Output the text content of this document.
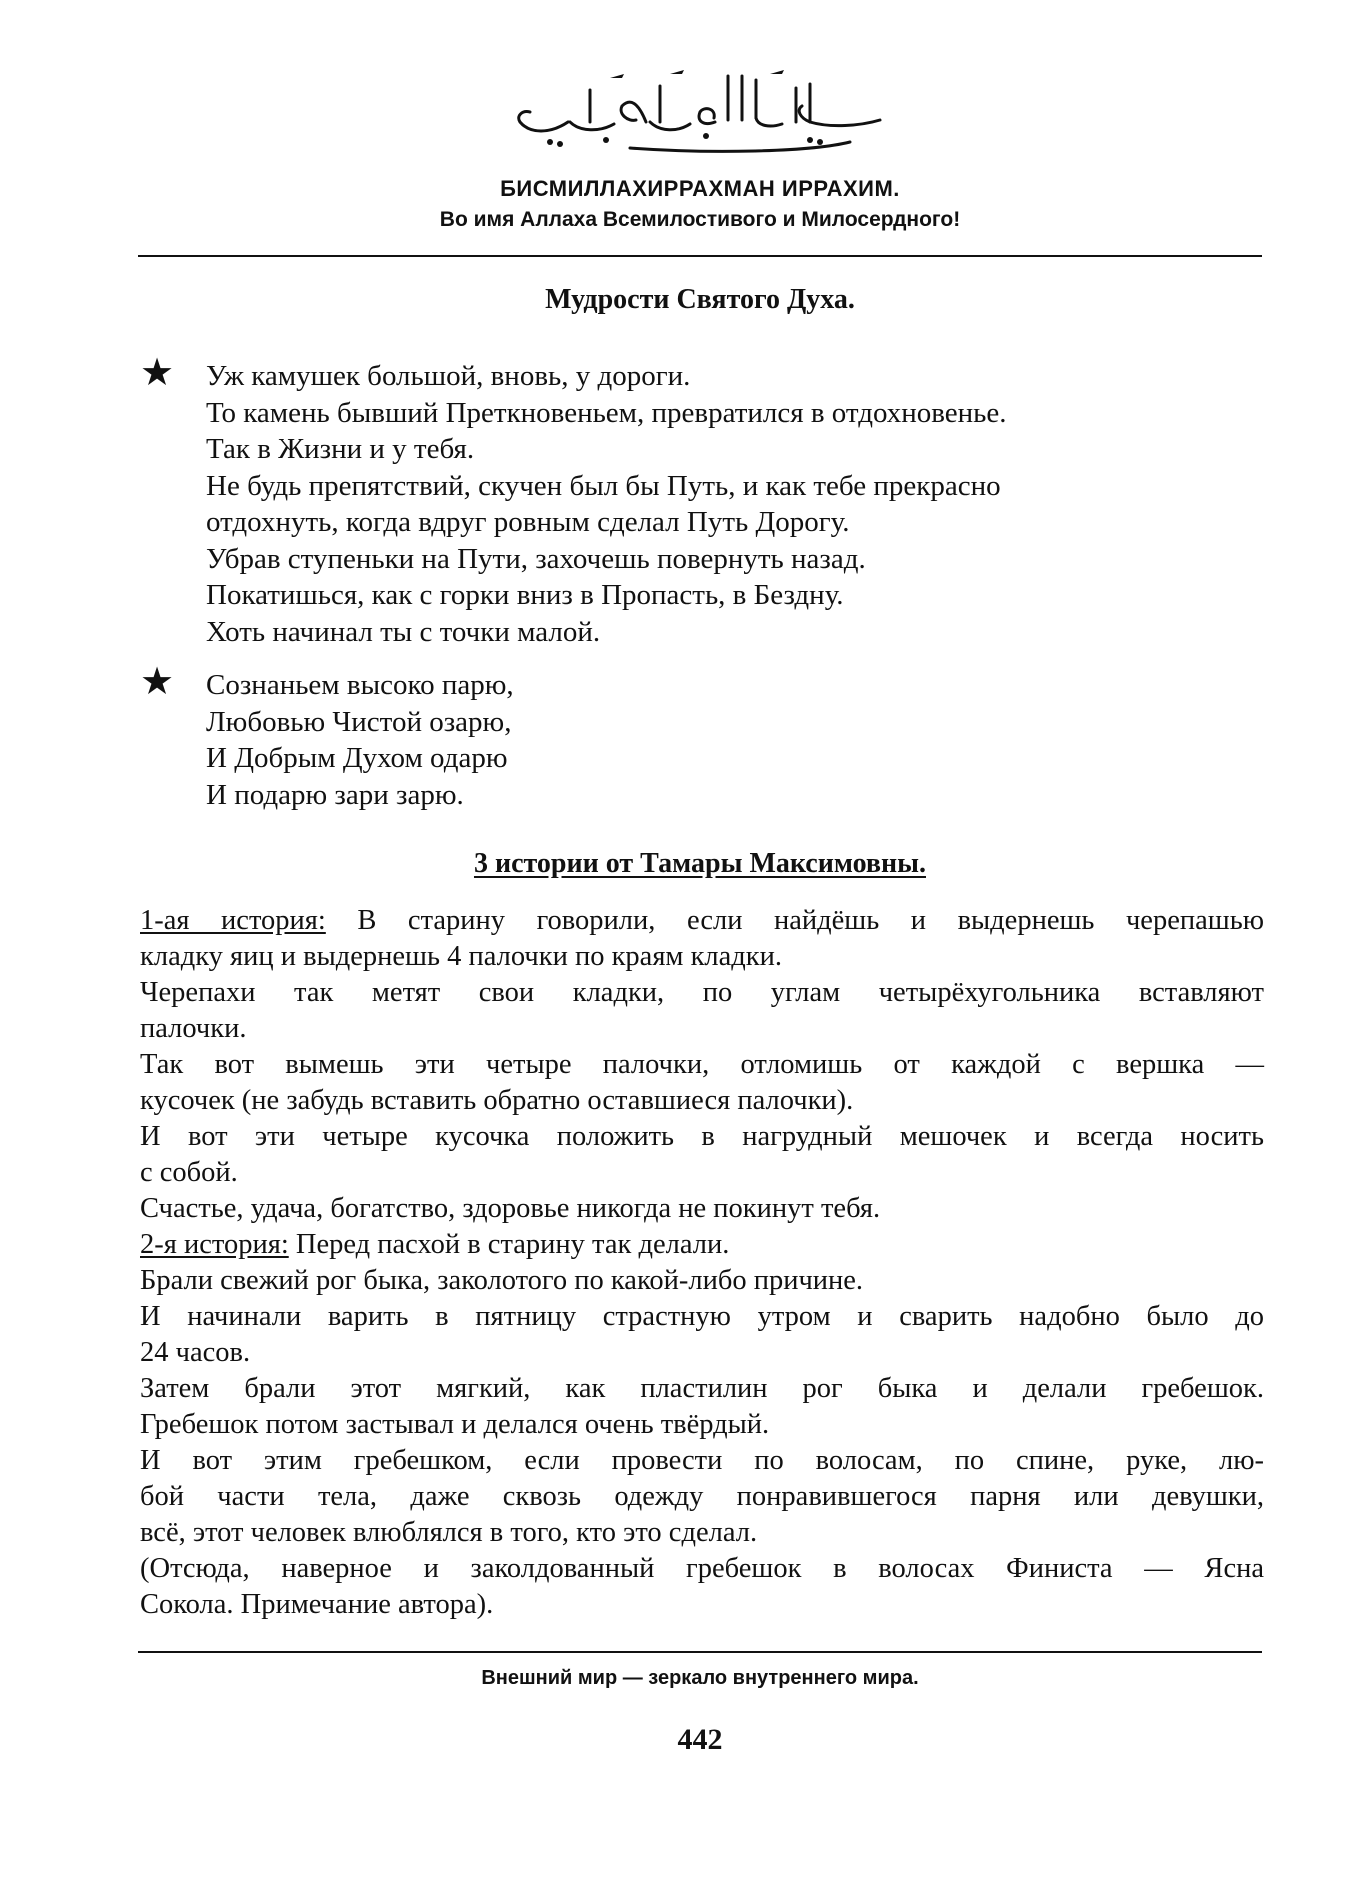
БИСМИЛЛАХИРРАХМАН ИРРАХИМ.
Во имя Аллаха Всемилостивого и Милосердного!
Мудрости Святого Духа.
★ Уж камушек большой, вновь, у дороги.
То камень бывший Преткновеньем, превратился в отдохновенье.
Так в Жизни и у тебя.
Не будь препятствий, скучен был бы Путь, и как тебе прекрасно
отдохнуть, когда вдруг ровным сделал Путь Дорогу.
Убрав ступеньки на Пути, захочешь повернуть назад.
Покатишься, как с горки вниз в Пропасть, в Бездну.
Хоть начинал ты с точки малой.
★ Сознаньем высоко парю,
Любовью Чистой озарю,
И Добрым Духом одарю
И подарю зари зарю.
3 истории от Тамары Максимовны.
1-ая история: В старину говорили, если найдёшь и выдернешь черепашью
кладку яиц и выдернешь 4 палочки по краям кладки.
Черепахи так метят свои кладки, по углам четырёхугольника вставляют
палочки.
Так вот вымешь эти четыре палочки, отломишь от каждой с вершка —
кусочек (не забудь вставить обратно оставшиеся палочки).
И вот эти четыре кусочка положить в нагрудный мешочек и всегда носить
с собой.
Счастье, удача, богатство, здоровье никогда не покинут тебя.
2-я история: Перед пасхой в старину так делали.
Брали свежий рог быка, заколотого по какой-либо причине.
И начинали варить в пятницу страстную утром и сварить надобно было до
24 часов.
Затем брали этот мягкий, как пластилин рог быка и делали гребешок.
Гребешок потом застывал и делался очень твёрдый.
И вот этим гребешком, если провести по волосам, по спине, руке, лю-
бой части тела, даже сквозь одежду понравившегося парня или девушки,
всё, этот человек влюблялся в того, кто это сделал.
(Отсюда, наверное и заколдованный гребешок в волосах Финиста — Ясна
Сокола. Примечание автора).
Внешний мир — зеркало внутреннего мира.
442
